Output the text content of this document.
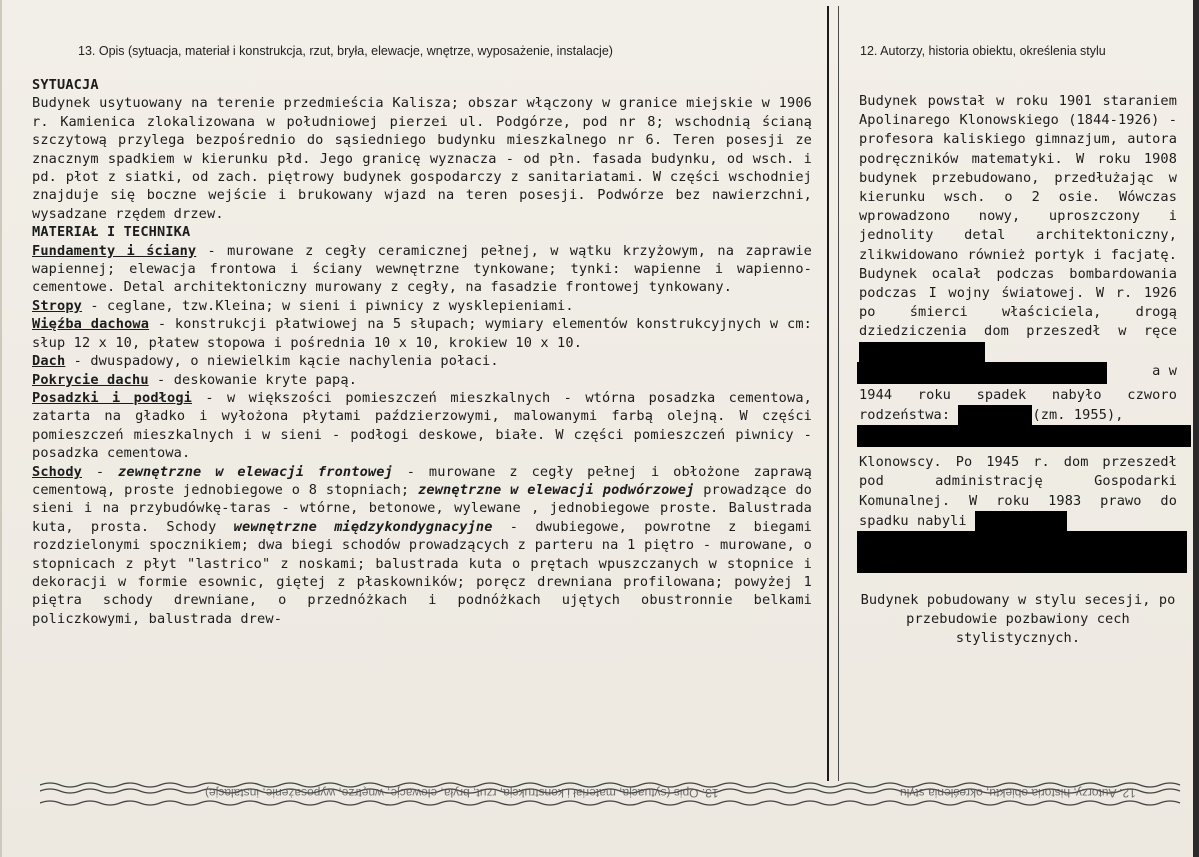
13. Opis (sytuacja, materiał i konstrukcja, rzut, bryła, elewacje, wnętrze, wyposażenie, instalacje)	12. Autorzy, historia obiektu, określenia stylu

SYTUACJA

Budynek usytuowany na terenie przedmieścia Kalisza; obszar włączony w granice miejskie w 1906 r. Kamienica zlokalizowana w południowej pierzei ul. Podgórze, pod nr 8; wschodnią ścianą szczytową przylega bezpośrednio do sąsiedniego budynku mieszkalnego nr 6. Teren posesji ze znacznym spadkiem w kierunku płd. Jego granicę wyznacza - od płn. fasada budynku, od wsch. i pd. płot z siatki, od zach. piętrowy budynek gospodarczy z sanitariatami. W części wschodniej znajduje się boczne wejście i brukowany wjazd na teren posesji. Podwórze bez nawierzchni, wysadzane rzędem drzew.

MATERIAŁ I TECHNIKA

Fundamenty i ściany - murowane z cegły ceramicznej pełnej, w wątku krzyżowym, na zaprawie wapiennej; elewacja frontowa i ściany wewnętrzne tynkowane; tynki: wapienne i wapienno-cementowe. Detal architektoniczny murowany z cegły, na fasadzie frontowej tynkowany.

Stropy - ceglane, tzw.Kleina; w sieni i piwnicy z wysklepieniami.

Więźba dachowa - konstrukcji płatwiowej na 5 słupach; wymiary elementów konstrukcyjnych w cm: słup 12 x 10, płatew stopowa i pośrednia 10 x 10, krokiew 10 x 10.

Dach - dwuspadowy, o niewielkim kącie nachylenia połaci.

Pokrycie dachu - deskowanie kryte papą.

Posadzki i podłogi - w większości pomieszczeń mieszkalnych - wtórna posadzka cementowa, zatarta na gładko i wyłożona płytami paździerzowymi, malowanymi farbą olejną. W części pomieszczeń mieszkalnych i w sieni - podłogi deskowe, białe. W części pomieszczeń piwnicy - posadzka cementowa.

Schody - zewnętrzne w elewacji frontowej - murowane z cegły pełnej i obłożone zaprawą cementową, proste jednobiegowe o 8 stopniach; zewnętrzne w elewacji podwórzowej prowadzące do sieni i na przybudówkę-taras - wtórne, betonowe, wylewane , jednobiegowe proste. Balustrada kuta, prosta. Schody wewnętrzne międzykondygnacyjne - dwubiegowe, powrotne z biegami rozdzielonymi spocznikiem; dwa biegi schodów prowadzących z parteru na 1 piętro - murowane, o stopnicach z płyt "lastrico" z noskami; balustrada kuta o prętach wpuszczanych w stopnice i dekoracji w formie esownic, giętej z płaskowników; poręcz drewniana profilowana; powyżej 1 piętra schody drewniane, o przednóżkach i podnóżkach ujętych obustronnie belkami policzkowymi, balustrada drew-

Budynek powstał w roku 1901 staraniem Apolinarego Klonowskiego (1844-1926) - profesora kaliskiego gimnazjum, autora podręczników matematyki. W roku 1908 budynek przebudowano, przedłużając w kierunku wsch. o 2 osie. Wówczas wprowadzono nowy, uproszczony i jednolity detal architektoniczny, zlikwidowano również portyk i facjatę. Budynek ocalał podczas bombardowania podczas I wojny światowej. W r. 1926 po śmierci właściciela, drogą dziedziczenia dom przeszedł w ręce

a w

1944 roku spadek nabyło czworo rodzeństwa:	(zm. 1955),

Klonowscy. Po 1945 r. dom przeszedł pod administrację Gospodarki Komunalnej. W roku 1983 prawo do spadku nabyli

Budynek pobudowany w stylu secesji, po przebudowie pozbawiony cech stylistycznych.

13. Opis (sytuacja, materiał i konstrukcja, rzut, bryła, elewacje, wnętrze, wyposażenie, instalacje)	12. Autorzy, historia obiektu, określenia stylu
